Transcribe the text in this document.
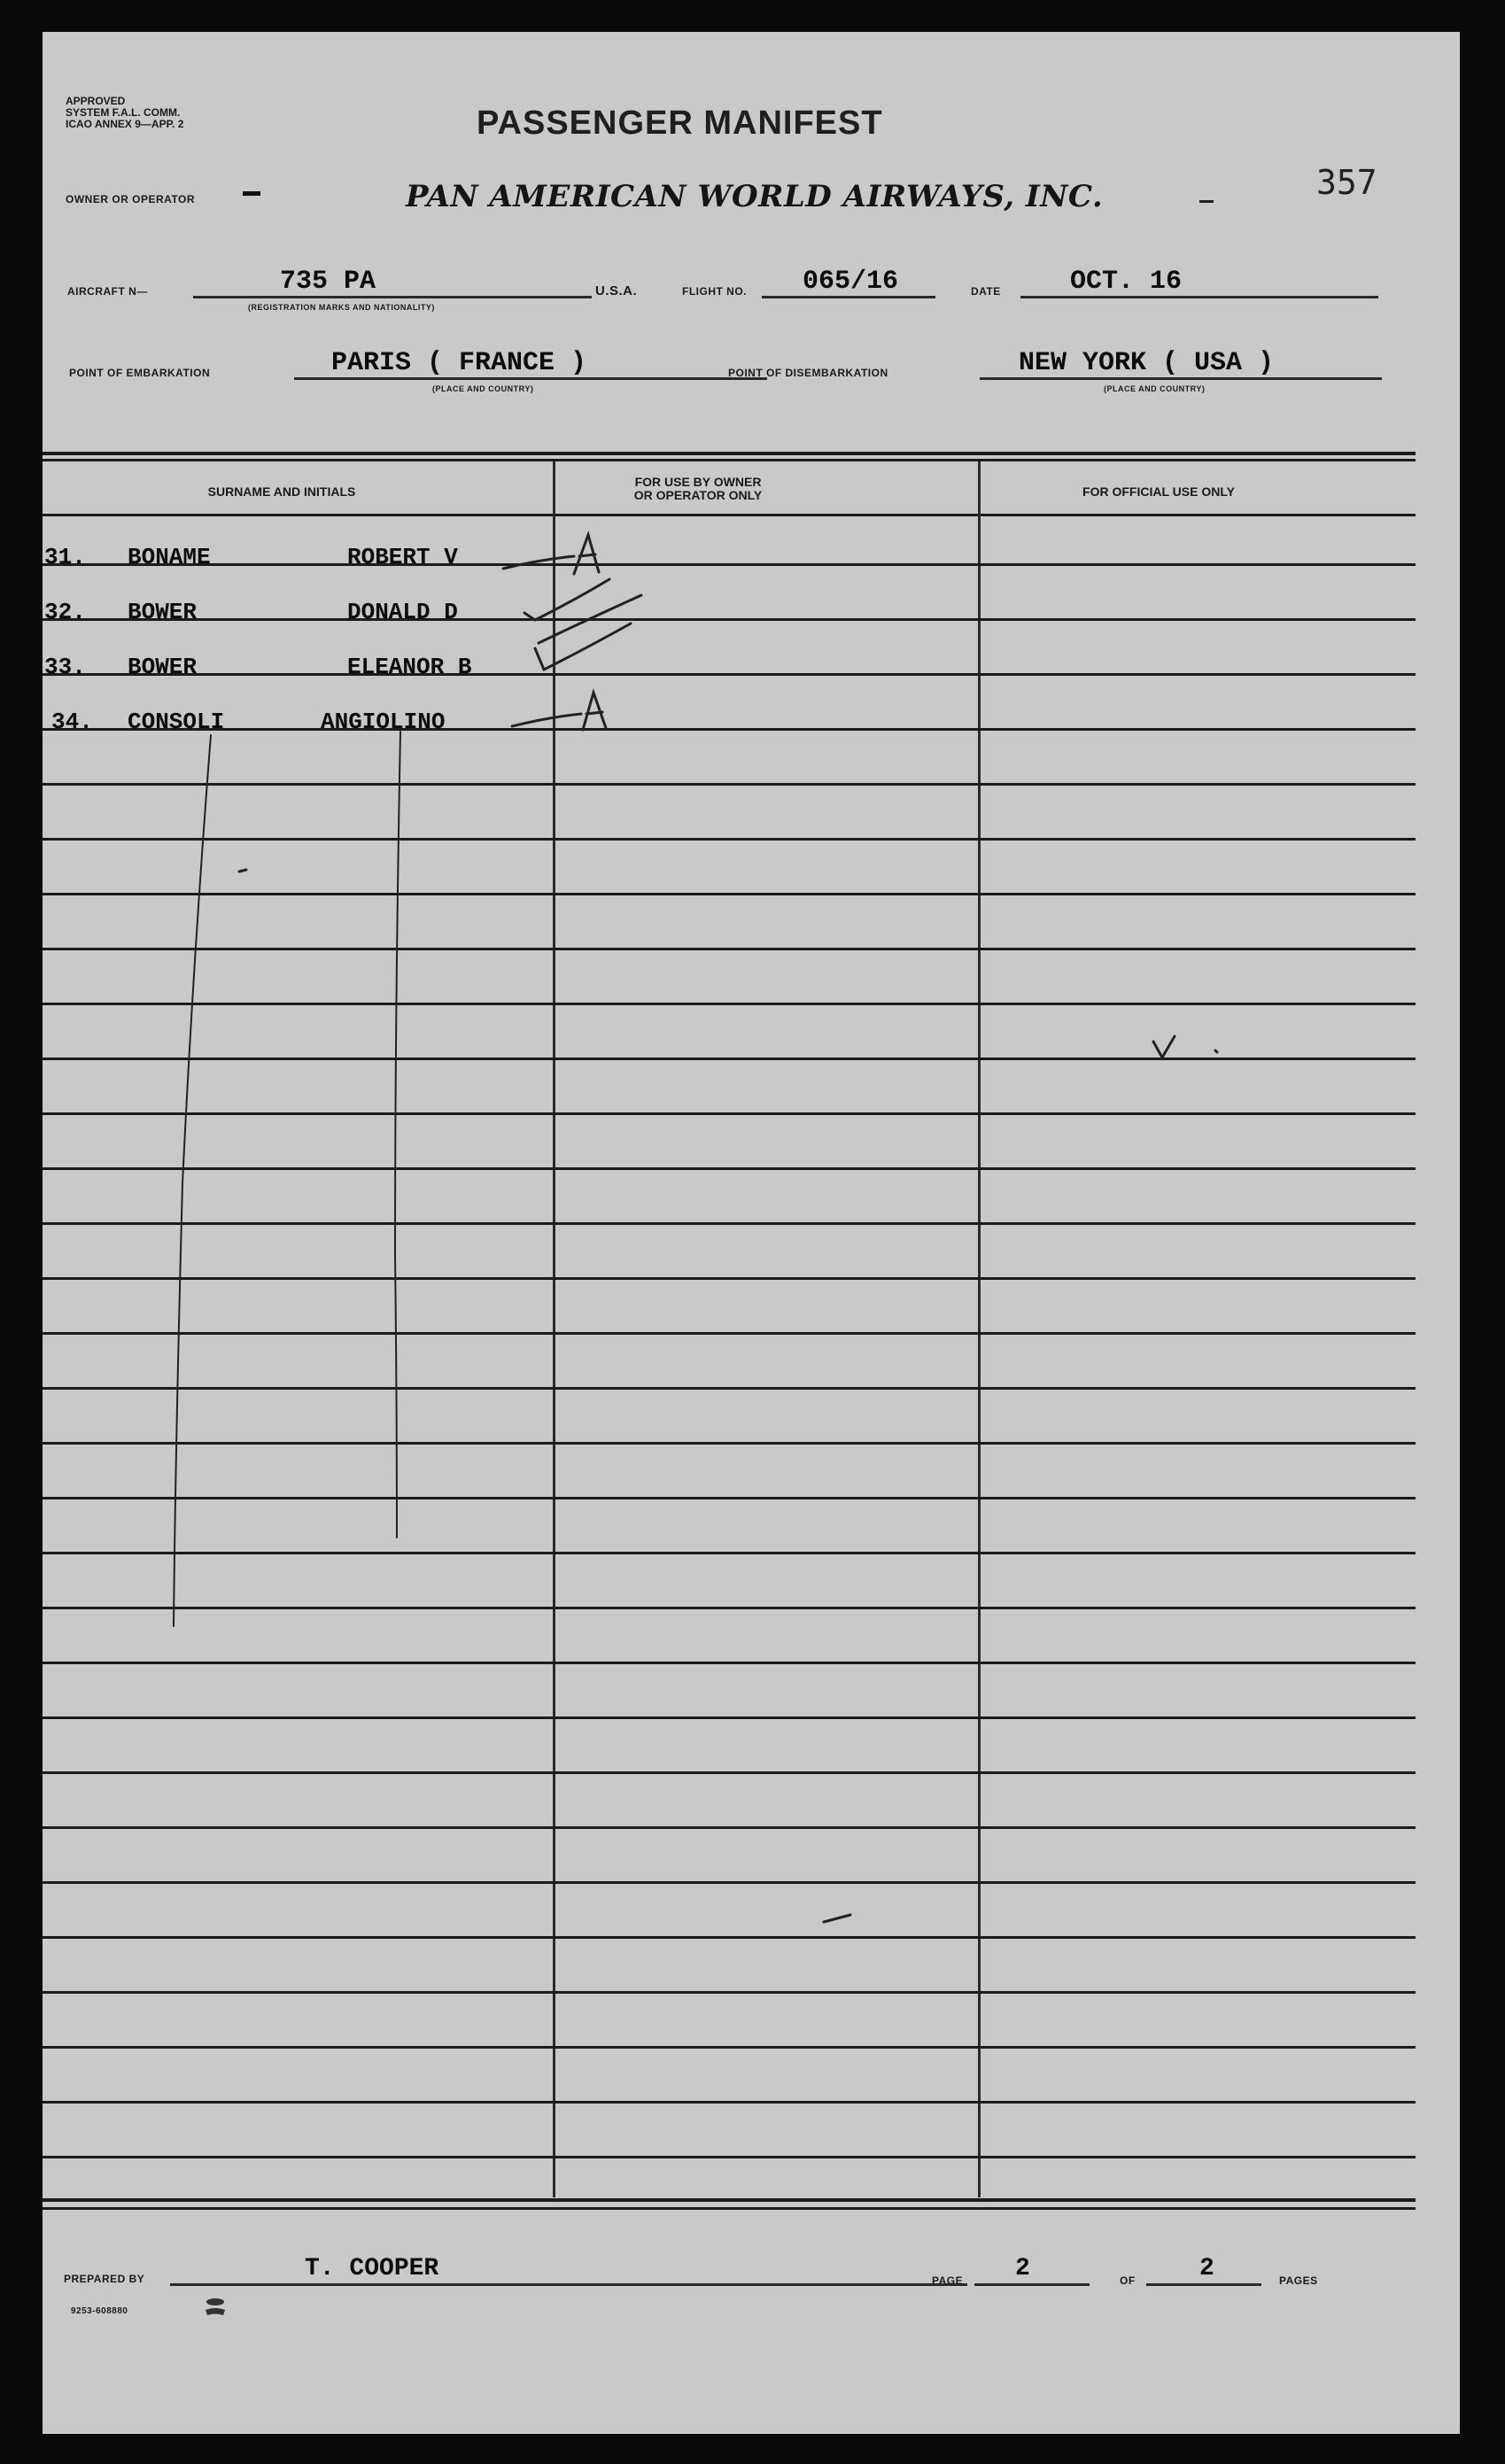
APPROVED
SYSTEM F.A.L. COMM.
ICAO ANNEX 9—APP. 2	PASSENGER MANIFEST
OWNER OR OPERATOR	PAN AMERICAN WORLD AIRWAYS, INC.	357
AIRCRAFT N—	735 PA
(REGISTRATION MARKS AND NATIONALITY)
U.S.A.	FLIGHT NO. 065/16	DATE	OCT. 16
POINT OF EMBARKATION	PARIS ( FRANCE )
(PLACE AND COUNTRY)
POINT OF DISEMBARKATION	NEW YORK ( USA )
(PLACE AND COUNTRY)
SURNAME AND INITIALS
FOR USE BY OWNER
OR OPERATOR ONLY	FOR OFFICIAL USE ONLY
31. BONAME	ROBERT V
32. BOWER	DONALD D
33. BOWER	ELEANOR B
34. CONSOLI	ANGIOLINO
PREPARED BY	T. COOPER	PAGE 2	OF	2	PAGES
9253-608880
